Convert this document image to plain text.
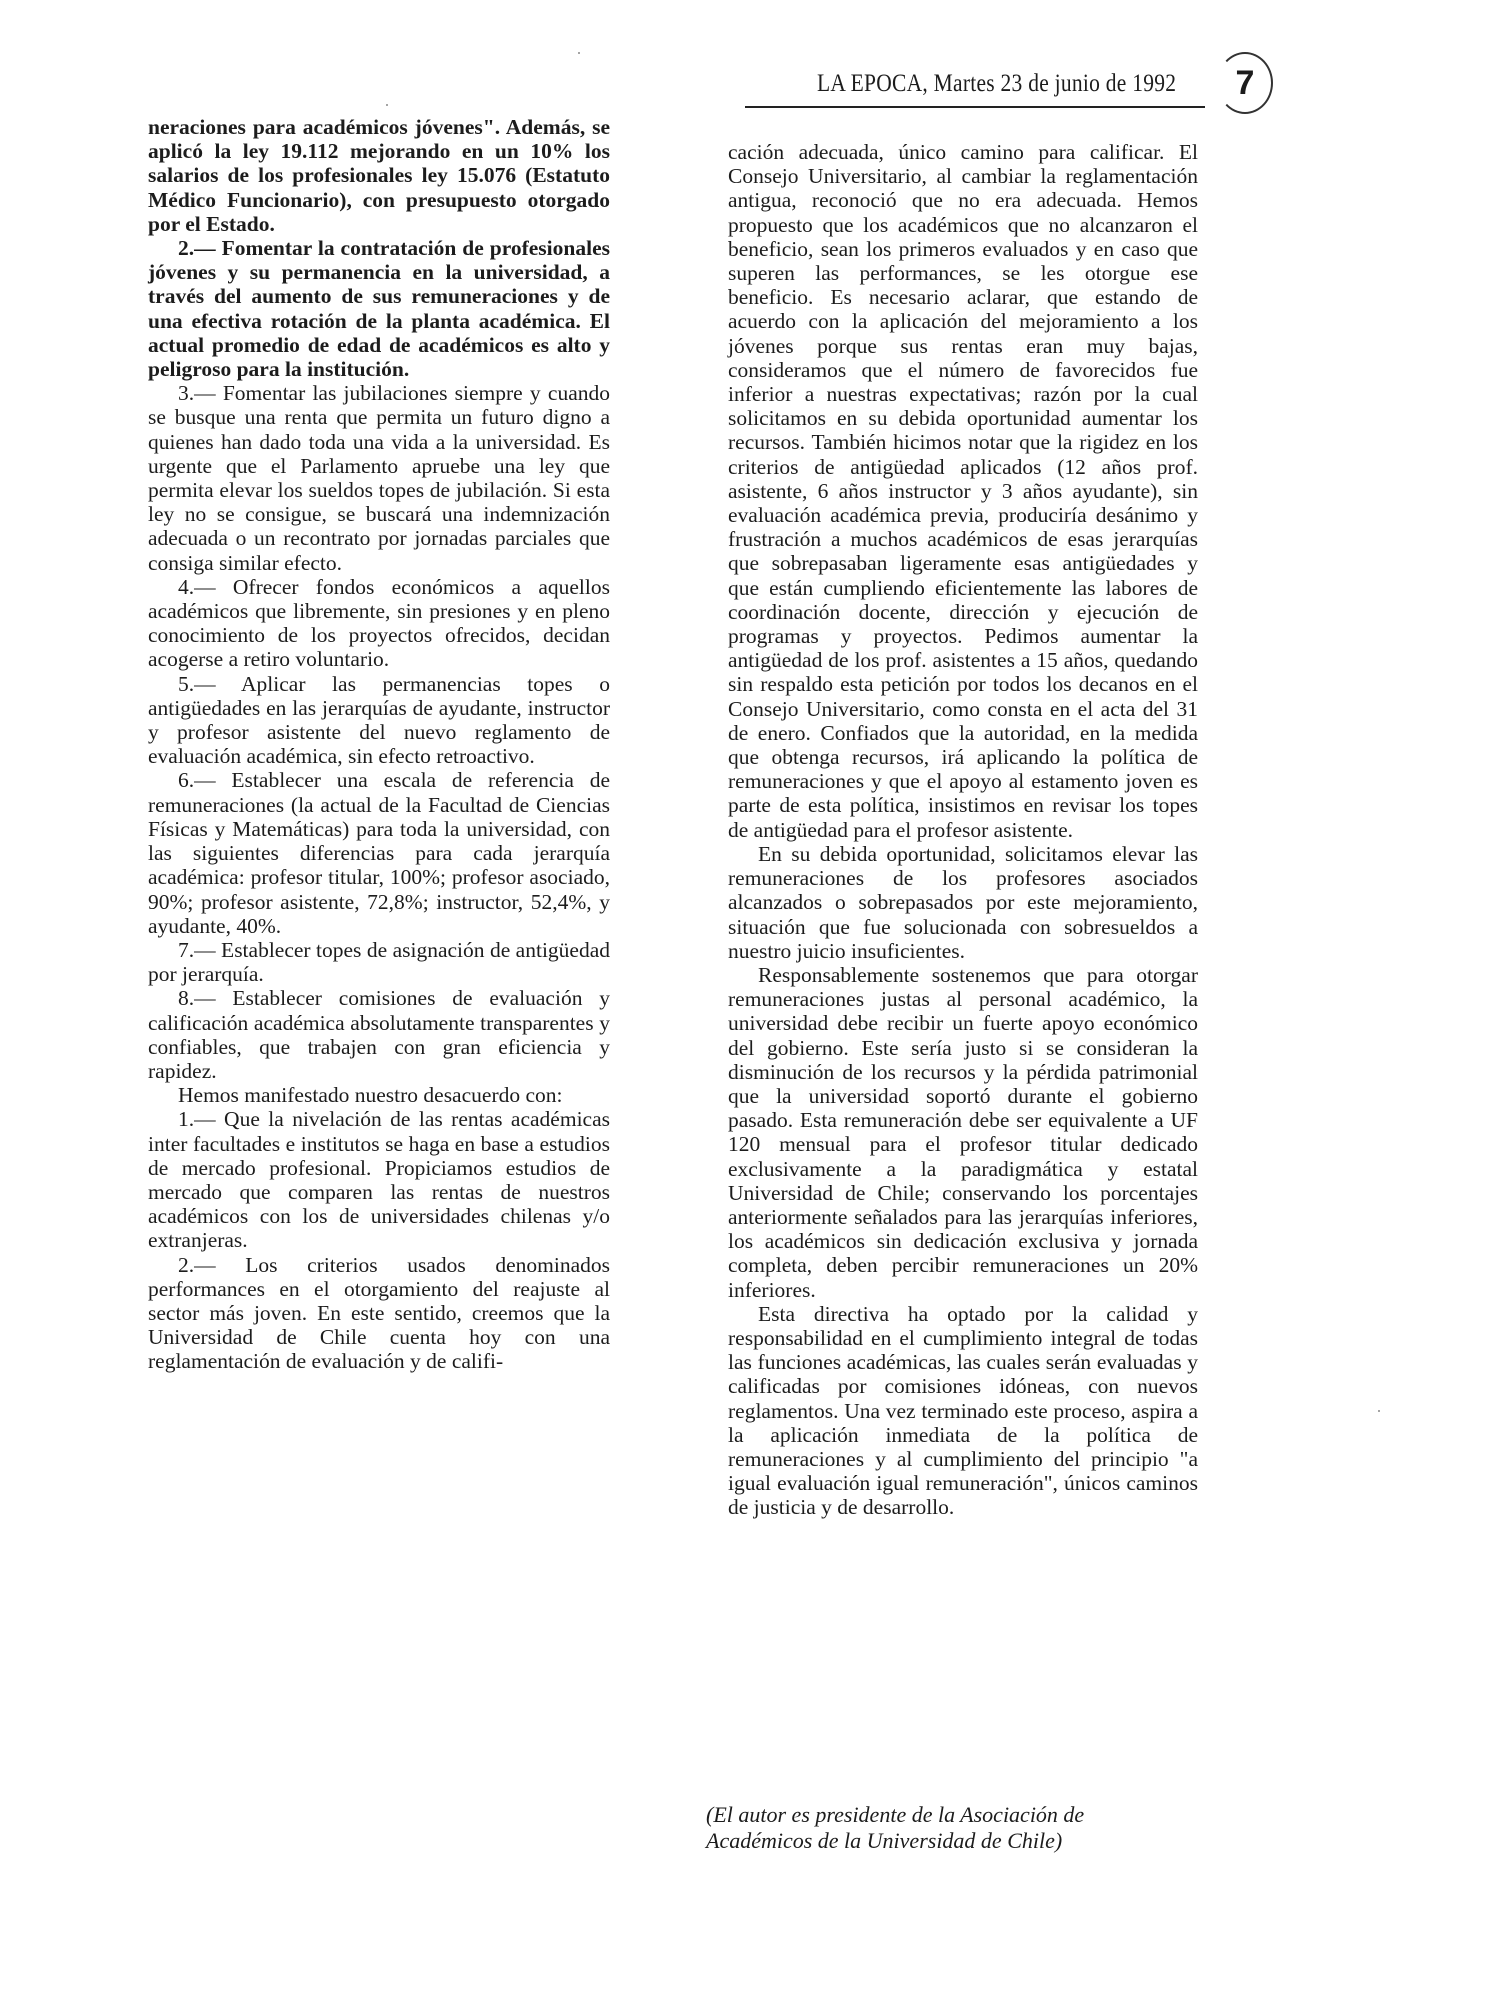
LA EPOCA, Martes 23 de junio de 1992	7

neraciones para académicos jóvenes". Además, se aplicó la ley 19.112 mejorando en un 10% los salarios de los profesionales ley 15.076 (Estatuto Médico Funcionario), con presupuesto otorgado por el Estado.

2.— Fomentar la contratación de profesionales jóvenes y su permanencia en la universidad, a través del aumento de sus remuneraciones y de una efectiva rotación de la planta académica. El actual promedio de edad de académicos es alto y peligroso para la institución.

3.— Fomentar las jubilaciones siempre y cuando se busque una renta que permita un futuro digno a quienes han dado toda una vida a la universidad. Es urgente que el Parlamento apruebe una ley que permita elevar los sueldos topes de jubilación. Si esta ley no se consigue, se buscará una indemnización adecuada o un recontrato por jornadas parciales que consiga similar efecto.

4.— Ofrecer fondos económicos a aquellos académicos que libremente, sin presiones y en pleno conocimiento de los proyectos ofrecidos, decidan acogerse a retiro voluntario.

5.— Aplicar las permanencias topes o antigüedades en las jerarquías de ayudante, instructor y profesor asistente del nuevo reglamento de evaluación académica, sin efecto retroactivo.

6.— Establecer una escala de referencia de remuneraciones (la actual de la Facultad de Ciencias Físicas y Matemáticas) para toda la universidad, con las siguientes diferencias para cada jerarquía académica: profesor titular, 100%; profesor asociado, 90%; profesor asistente, 72,8%; instructor, 52,4%, y ayudante, 40%.

7.— Establecer topes de asignación de antigüedad por jerarquía.

8.— Establecer comisiones de evaluación y calificación académica absolutamente transparentes y confiables, que trabajen con gran eficiencia y rapidez.

Hemos manifestado nuestro desacuerdo con:

1.— Que la nivelación de las rentas académicas inter facultades e institutos se haga en base a estudios de mercado profesional. Propiciamos estudios de mercado que comparen las rentas de nuestros académicos con los de universidades chilenas y/o extranjeras.

2.— Los criterios usados denominados performances en el otorgamiento del reajuste al sector más joven. En este sentido, creemos que la Universidad de Chile cuenta hoy con una reglamentación de evaluación y de califi-

cación adecuada, único camino para calificar. El Consejo Universitario, al cambiar la reglamentación antigua, reconoció que no era adecuada. Hemos propuesto que los académicos que no alcanzaron el beneficio, sean los primeros evaluados y en caso que superen las performances, se les otorgue ese beneficio. Es necesario aclarar, que estando de acuerdo con la aplicación del mejoramiento a los jóvenes porque sus rentas eran muy bajas, consideramos que el número de favorecidos fue inferior a nuestras expectativas; razón por la cual solicitamos en su debida oportunidad aumentar los recursos. También hicimos notar que la rigidez en los criterios de antigüedad aplicados (12 años prof. asistente, 6 años instructor y 3 años ayudante), sin evaluación académica previa, produciría desánimo y frustración a muchos académicos de esas jerarquías que sobrepasaban ligeramente esas antigüedades y que están cumpliendo eficientemente las labores de coordinación docente, dirección y ejecución de programas y proyectos. Pedimos aumentar la antigüedad de los prof. asistentes a 15 años, quedando sin respaldo esta petición por todos los decanos en el Consejo Universitario, como consta en el acta del 31 de enero. Confiados que la autoridad, en la medida que obtenga recursos, irá aplicando la política de remuneraciones y que el apoyo al estamento joven es parte de esta política, insistimos en revisar los topes de antigüedad para el profesor asistente.

En su debida oportunidad, solicitamos elevar las remuneraciones de los profesores asociados alcanzados o sobrepasados por este mejoramiento, situación que fue solucionada con sobresueldos a nuestro juicio insuficientes.

Responsablemente sostenemos que para otorgar remuneraciones justas al personal académico, la universidad debe recibir un fuerte apoyo económico del gobierno. Este sería justo si se consideran la disminución de los recursos y la pérdida patrimonial que la universidad soportó durante el gobierno pasado. Esta remuneración debe ser equivalente a UF 120 mensual para el profesor titular dedicado exclusivamente a la paradigmática y estatal Universidad de Chile; conservando los porcentajes anteriormente señalados para las jerarquías inferiores, los académicos sin dedicación exclusiva y jornada completa, deben percibir remuneraciones un 20% inferiores.

Esta directiva ha optado por la calidad y responsabilidad en el cumplimiento integral de todas las funciones académicas, las cuales serán evaluadas y calificadas por comisiones idóneas, con nuevos reglamentos. Una vez terminado este proceso, aspira a la aplicación inmediata de la política de remuneraciones y al cumplimiento del principio "a igual evaluación igual remuneración", únicos caminos de justicia y de desarrollo.

(El autor es presidente de la Asociación de Académicos de la Universidad de Chile)
